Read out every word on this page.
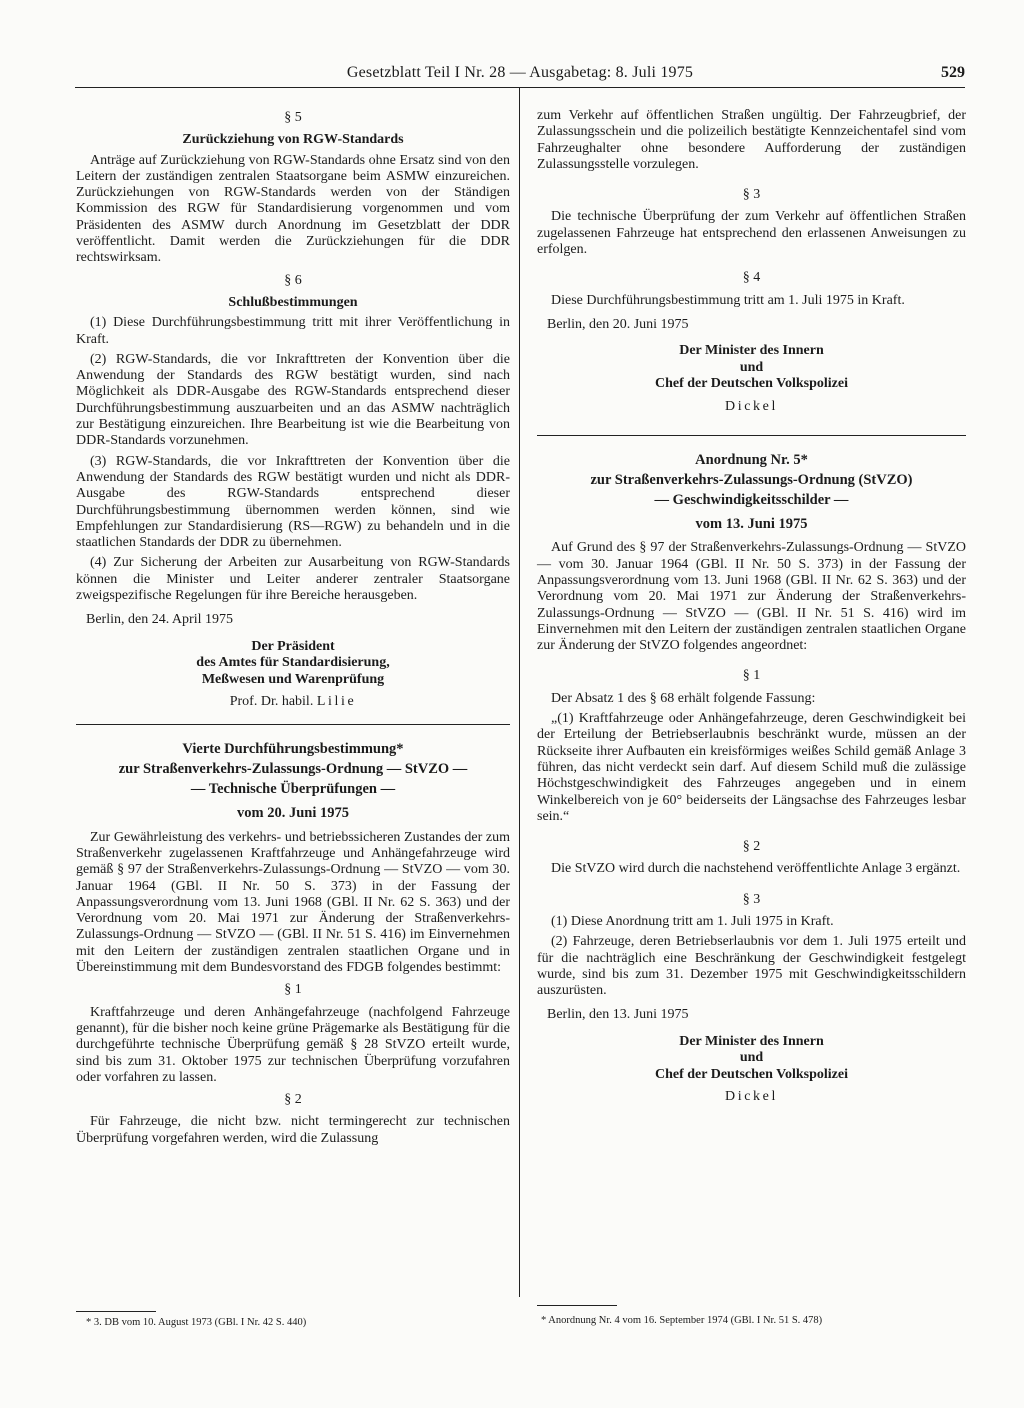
Gesetzblatt Teil I Nr. 28 — Ausgabetag: 8. Juli 1975	529
§ 5
Zurückziehung von RGW-Standards

Anträge auf Zurückziehung von RGW-Standards ohne Ersatz sind von den Leitern der zuständigen zentralen Staatsorgane beim ASMW einzureichen. Zurückziehungen von RGW-Standards werden von der Ständigen Kommission des RGW für Standardisierung vorgenommen und vom Präsidenten des ASMW durch Anordnung im Gesetzblatt der DDR veröffentlicht. Damit werden die Zurückziehungen für die DDR rechtswirksam.

§ 6
Schlußbestimmungen

(1) Diese Durchführungsbestimmung tritt mit ihrer Veröffentlichung in Kraft.

(2) RGW-Standards, die vor Inkrafttreten der Konvention über die Anwendung der Standards des RGW bestätigt wurden, sind nach Möglichkeit als DDR-Ausgabe des RGW-Standards entsprechend dieser Durchführungsbestimmung auszuarbeiten und an das ASMW nachträglich zur Bestätigung einzureichen. Ihre Bearbeitung ist wie die Bearbeitung von DDR-Standards vorzunehmen.

(3) RGW-Standards, die vor Inkrafttreten der Konvention über die Anwendung der Standards des RGW bestätigt wurden und nicht als DDR-Ausgabe des RGW-Standards entsprechend dieser Durchführungsbestimmung übernommen werden können, sind wie Empfehlungen zur Standardisierung (RS—RGW) zu behandeln und in die staatlichen Standards der DDR zu übernehmen.

(4) Zur Sicherung der Arbeiten zur Ausarbeitung von RGW-Standards können die Minister und Leiter anderer zentraler Staatsorgane zweigspezifische Regelungen für ihre Bereiche herausgeben.

Berlin, den 24. April 1975

Der Präsident
des Amtes für Standardisierung,
Meßwesen und Warenprüfung
Prof. Dr. habil. Lilie
Vierte Durchführungsbestimmung*
zur Straßenverkehrs-Zulassungs-Ordnung — StVZO —
— Technische Überprüfungen —
vom 20. Juni 1975

Zur Gewährleistung des verkehrs- und betriebssicheren Zustandes der zum Straßenverkehr zugelassenen Kraftfahrzeuge und Anhängefahrzeuge wird gemäß § 97 der Straßenverkehrs-Zulassungs-Ordnung — StVZO — vom 30. Januar 1964 (GBl. II Nr. 50 S. 373) in der Fassung der Anpassungsverordnung vom 13. Juni 1968 (GBl. II Nr. 62 S. 363) und der Verordnung vom 20. Mai 1971 zur Änderung der Straßenverkehrs-Zulassungs-Ordnung — StVZO — (GBl. II Nr. 51 S. 416) im Einvernehmen mit den Leitern der zuständigen zentralen staatlichen Organe und in Übereinstimmung mit dem Bundesvorstand des FDGB folgendes bestimmt:

§ 1

Kraftfahrzeuge und deren Anhängefahrzeuge (nachfolgend Fahrzeuge genannt), für die bisher noch keine grüne Prägemarke als Bestätigung für die durchgeführte technische Überprüfung gemäß § 28 StVZO erteilt wurde, sind bis zum 31. Oktober 1975 zur technischen Überprüfung vorzufahren oder vorfahren zu lassen.

§ 2

Für Fahrzeuge, die nicht bzw. nicht termingerecht zur technischen Überprüfung vorgefahren werden, wird die Zulassung

* 3. DB vom 10. August 1973 (GBl. I Nr. 42 S. 440)

zum Verkehr auf öffentlichen Straßen ungültig. Der Fahrzeugbrief, der Zulassungsschein und die polizeilich bestätigte Kennzeichentafel sind vom Fahrzeughalter ohne besondere Aufforderung der zuständigen Zulassungsstelle vorzulegen.

§ 3

Die technische Überprüfung der zum Verkehr auf öffentlichen Straßen zugelassenen Fahrzeuge hat entsprechend den erlassenen Anweisungen zu erfolgen.

§ 4

Diese Durchführungsbestimmung tritt am 1. Juli 1975 in Kraft.

Berlin, den 20. Juni 1975

Der Minister des Innern
und
Chef der Deutschen Volkspolizei
Dickel
Anordnung Nr. 5*
zur Straßenverkehrs-Zulassungs-Ordnung (StVZO)
— Geschwindigkeitsschilder —
vom 13. Juni 1975

Auf Grund des § 97 der Straßenverkehrs-Zulassungs-Ordnung — StVZO — vom 30. Januar 1964 (GBl. II Nr. 50 S. 373) in der Fassung der Anpassungsverordnung vom 13. Juni 1968 (GBl. II Nr. 62 S. 363) und der Verordnung vom 20. Mai 1971 zur Änderung der Straßenverkehrs-Zulassungs-Ordnung — StVZO — (GBl. II Nr. 51 S. 416) wird im Einvernehmen mit den Leitern der zuständigen zentralen staatlichen Organe zur Änderung der StVZO folgendes angeordnet:

§ 1

Der Absatz 1 des § 68 erhält folgende Fassung:

„(1) Kraftfahrzeuge oder Anhängefahrzeuge, deren Geschwindigkeit bei der Erteilung der Betriebserlaubnis beschränkt wurde, müssen an der Rückseite ihrer Aufbauten ein kreisförmiges weißes Schild gemäß Anlage 3 führen, das nicht verdeckt sein darf. Auf diesem Schild muß die zulässige Höchstgeschwindigkeit des Fahrzeuges angegeben und in einem Winkelbereich von je 60° beiderseits der Längsachse des Fahrzeuges lesbar sein.“

§ 2

Die StVZO wird durch die nachstehend veröffentlichte Anlage 3 ergänzt.

§ 3

(1) Diese Anordnung tritt am 1. Juli 1975 in Kraft.

(2) Fahrzeuge, deren Betriebserlaubnis vor dem 1. Juli 1975 erteilt und für die nachträglich eine Beschränkung der Geschwindigkeit festgelegt wurde, sind bis zum 31. Dezember 1975 mit Geschwindigkeitsschildern auszurüsten.

Berlin, den 13. Juni 1975

Der Minister des Innern
und
Chef der Deutschen Volkspolizei
Dickel
* Anordnung Nr. 4 vom 16. September 1974 (GBl. I Nr. 51 S. 478)
